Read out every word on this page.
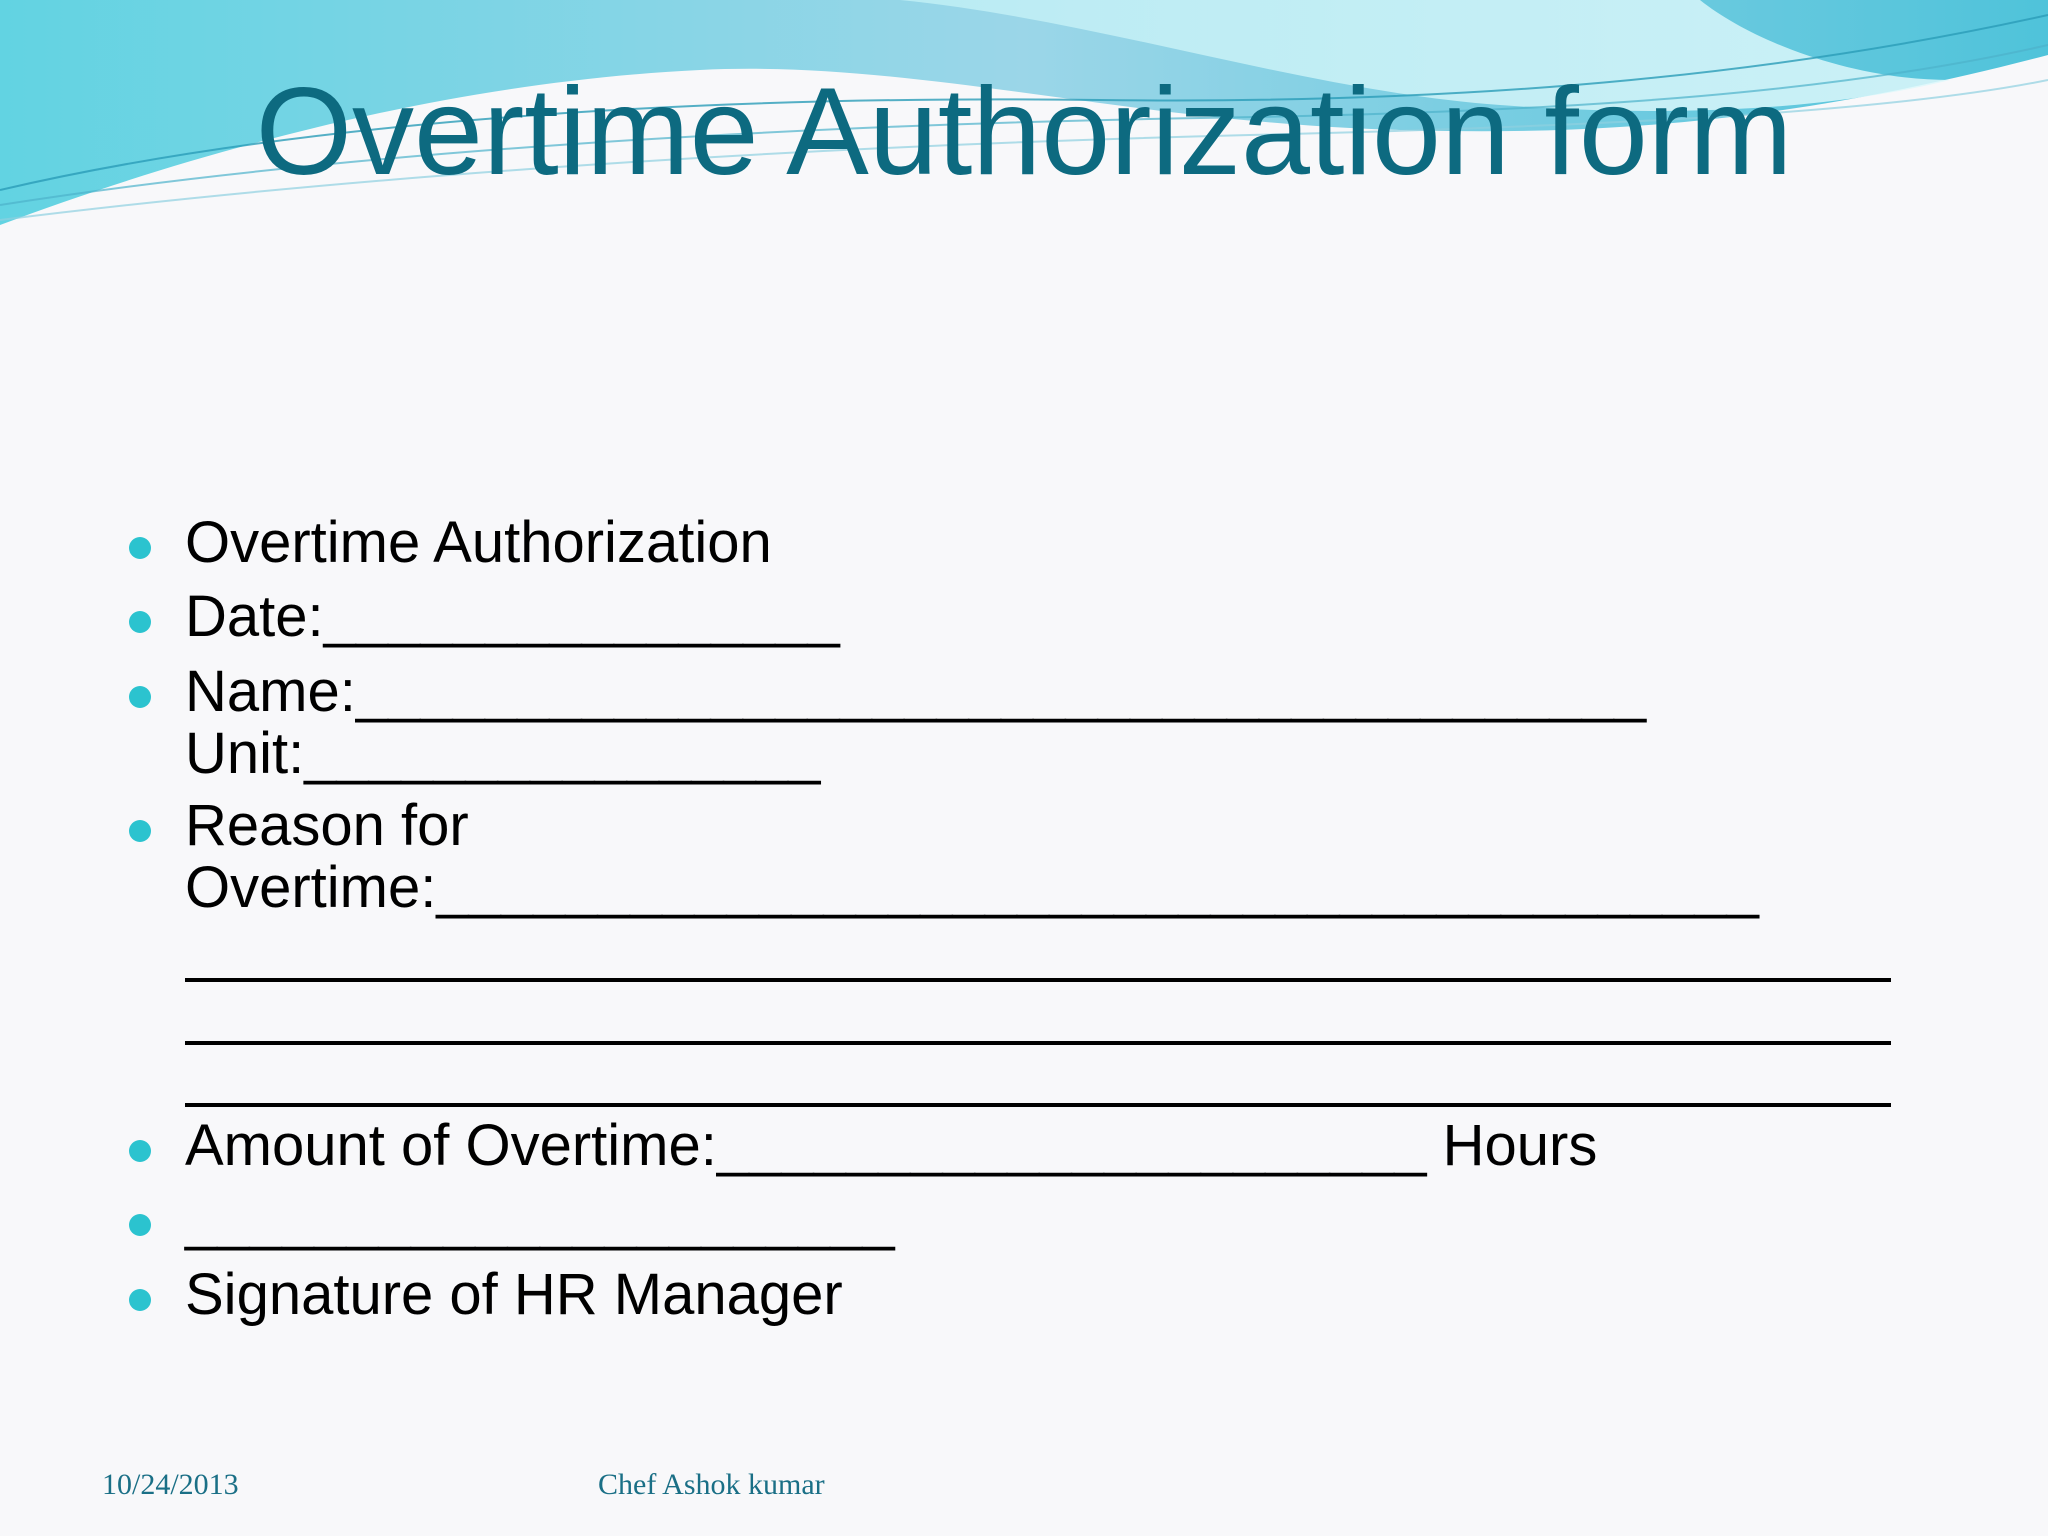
Overtime Authorization form
Overtime Authorization
Date:________________
Name:________________________________________
Unit:________________
Reason for
Overtime:_________________________________________
Amount of Overtime:______________________ Hours
______________________
Signature of HR Manager
10/24/2013	Chef Ashok kumar
